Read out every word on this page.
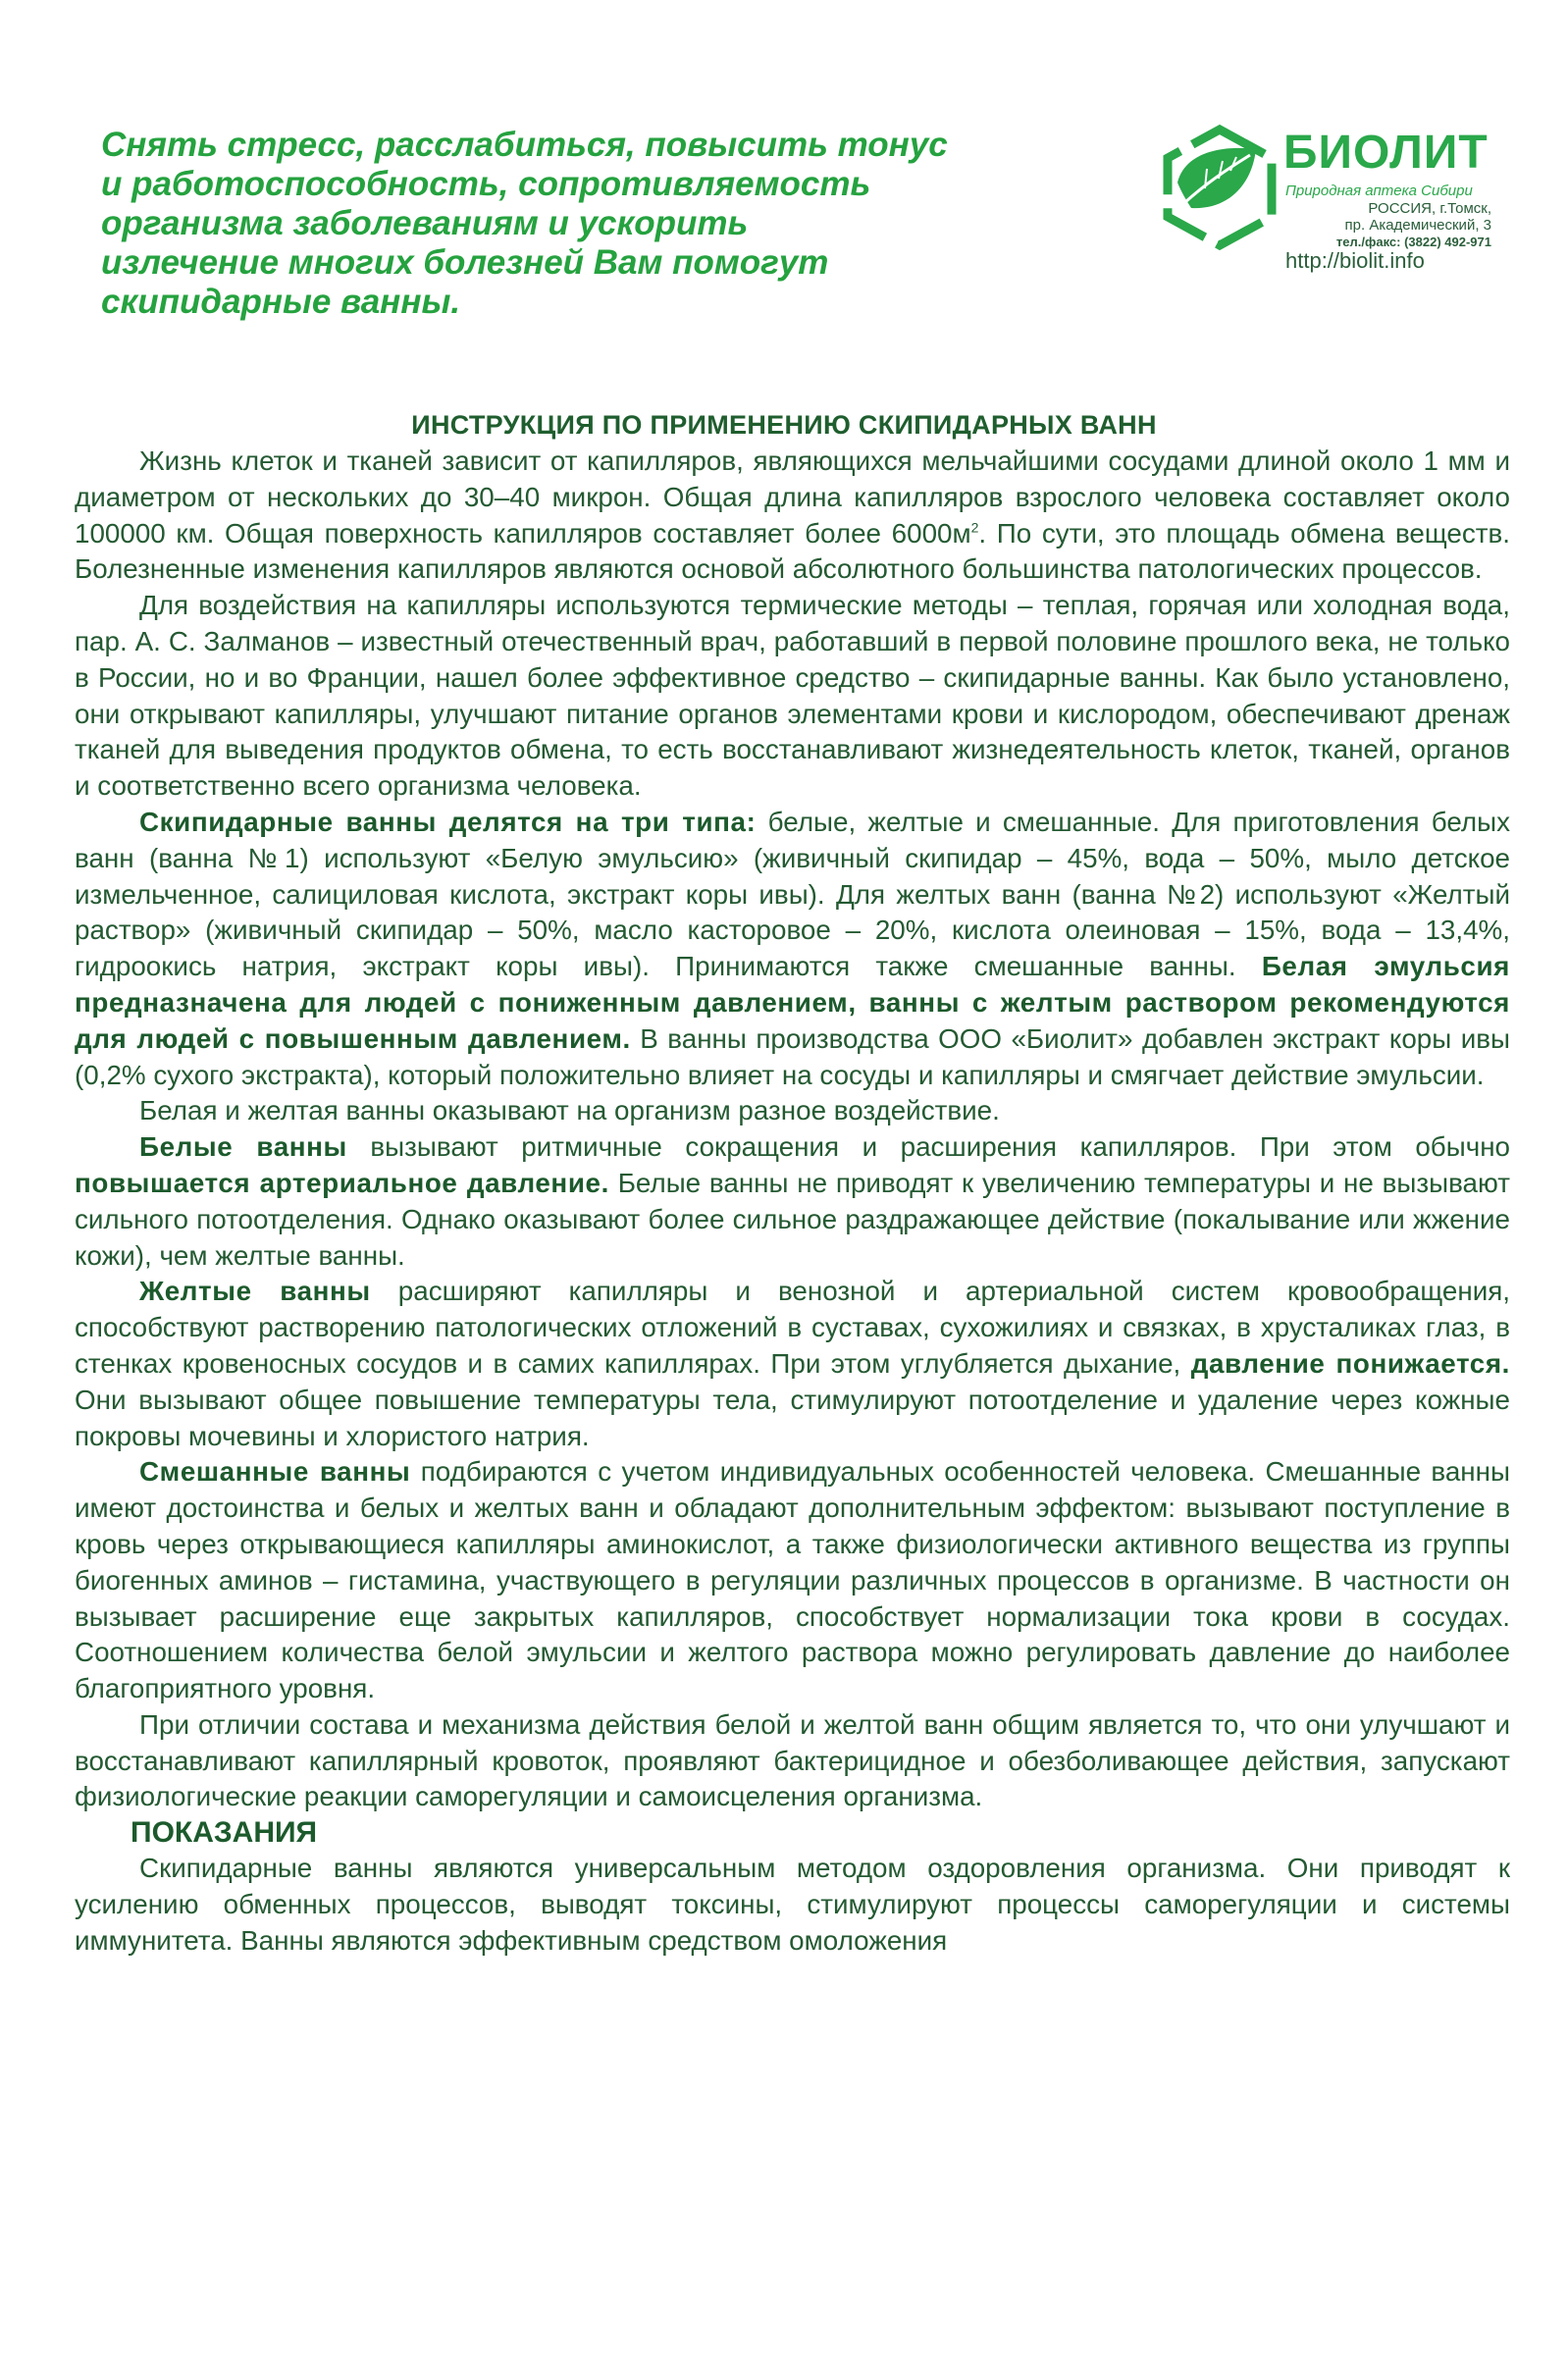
Снять стресс, расслабиться, повысить тонус
и работоспособность, сопротивляемость
организма заболеваниям и ускорить
излечение многих болезней Вам помогут
скипидарные ванны.
БИОЛИТ
Природная аптека Сибири
РОССИЯ, г.Томск,
пр. Академический, 3
тел./факс: (3822) 492-971
http://biolit.info
ИНСТРУКЦИЯ ПО ПРИМЕНЕНИЮ СКИПИДАРНЫХ ВАНН

Жизнь клеток и тканей зависит от капилляров, являющихся мельчайшими сосудами длиной около 1 мм и диаметром от нескольких до 30–40 микрон. Общая длина капилляров взрослого человека составляет около 100000 км. Общая поверхность капилляров составляет более $6000м^2$. По сути, это площадь обмена веществ. Болезненные изменения капилляров являются основой абсолютного большинства патологических процессов.

Для воздействия на капилляры используются термические методы – теплая, горячая или холодная вода, пар. А. С. Залманов – известный отечественный врач, работавший в первой половине прошлого века, не только в России, но и во Франции, нашел более эффективное средство – скипидарные ванны. Как было установлено, они открывают капилляры, улучшают питание органов элементами крови и кислородом, обеспечивают дренаж тканей для выведения продуктов обмена, то есть восстанавливают жизнедеятельность клеток, тканей, органов и соответственно всего организма человека.

Скипидарные ванны делятся на три типа: белые, желтые и смешанные. Для приготовления белых ванн (ванна №1) используют «Белую эмульсию» (живичный скипидар – 45%, вода – 50%, мыло детское измельченное, салициловая кислота, экстракт коры ивы). Для желтых ванн (ванна №2) используют «Желтый раствор» (живичный скипидар – 50%, масло касторовое – 20%, кислота олеиновая – 15%, вода – 13,4%, гидроокись натрия, экстракт коры ивы). Принимаются также смешанные ванны. Белая эмульсия предназначена для людей с пониженным давлением, ванны с желтым раствором рекомендуются для людей с повышенным давлением. В ванны производства ООО «Биолит» добавлен экстракт коры ивы (0,2% сухого экстракта), который положительно влияет на сосуды и капилляры и смягчает действие эмульсии.

Белая и желтая ванны оказывают на организм разное воздействие.

Белые ванны вызывают ритмичные сокращения и расширения капилляров. При этом обычно повышается артериальное давление. Белые ванны не приводят к увеличению температуры и не вызывают сильного потоотделения. Однако оказывают более сильное раздражающее действие (покалывание или жжение кожи), чем желтые ванны.

Желтые ванны расширяют капилляры и венозной и артериальной систем кровообращения, способствуют растворению патологических отложений в суставах, сухожилиях и связках, в хрусталиках глаз, в стенках кровеносных сосудов и в самих капиллярах. При этом углубляется дыхание, давление понижается. Они вызывают общее повышение температуры тела, стимулируют потоотделение и удаление через кожные покровы мочевины и хлористого натрия.

Смешанные ванны подбираются с учетом индивидуальных особенностей человека. Смешанные ванны имеют достоинства и белых и желтых ванн и обладают дополнительным эффектом: вызывают поступление в кровь через открывающиеся капилляры аминокислот, а также физиологически активного вещества из группы биогенных аминов – гистамина, участвующего в регуляции различных процессов в организме. В частности он вызывает расширение еще закрытых капилляров, способствует нормализации тока крови в сосудах. Соотношением количества белой эмульсии и желтого раствора можно регулировать давление до наиболее благоприятного уровня.

При отличии состава и механизма действия белой и желтой ванн общим является то, что они улучшают и восстанавливают капиллярный кровоток, проявляют бактерицидное и обезболивающее действия, запускают физиологические реакции саморегуляции и самоисцеления организма.

ПОКАЗАНИЯ

Скипидарные ванны являются универсальным методом оздоровления организма. Они приводят к усилению обменных процессов, выводят токсины, стимулируют процессы саморегуляции и системы иммунитета. Ванны являются эффективным средством омоложения
